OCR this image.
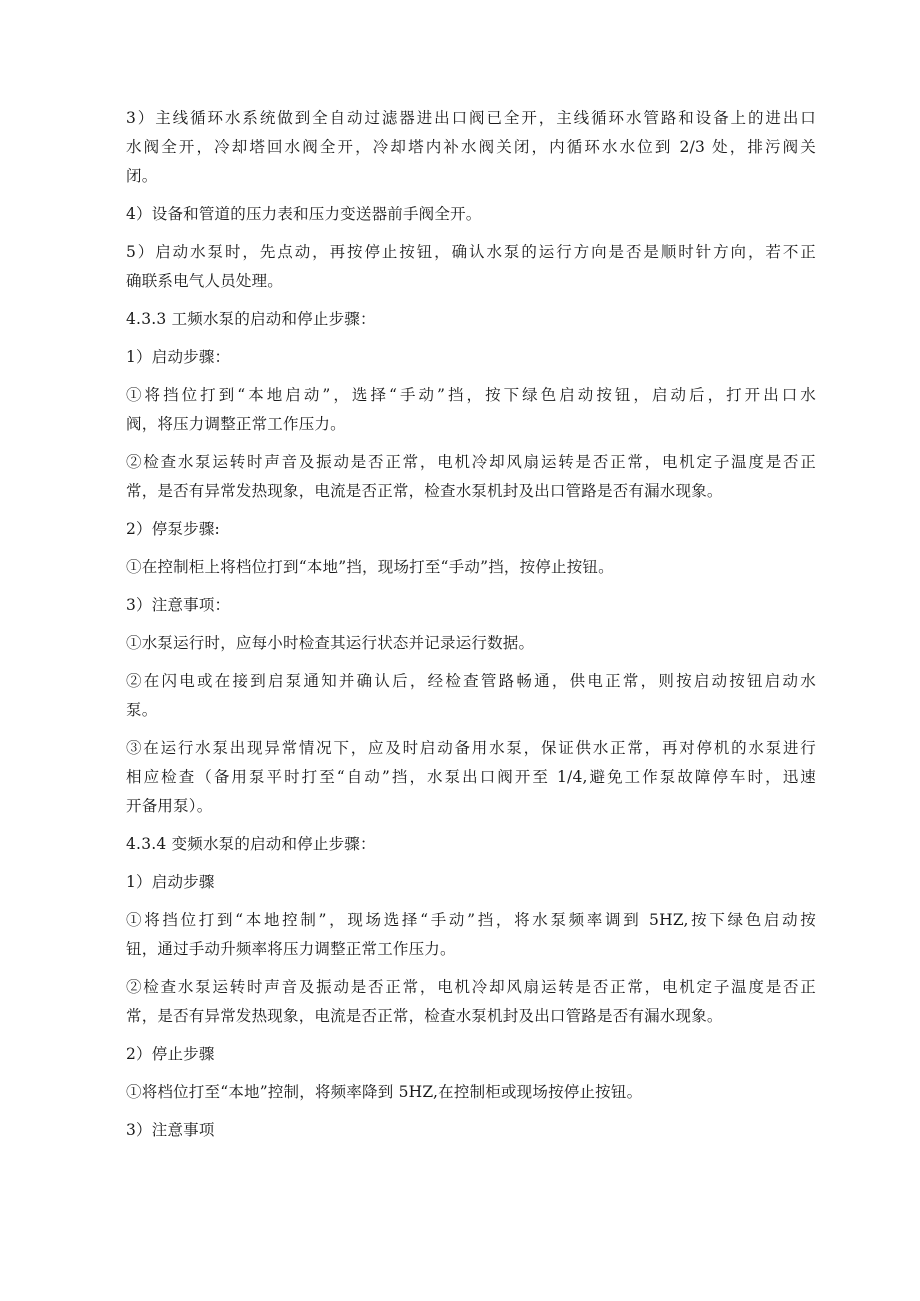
3）主线循环水系统做到全自动过滤器进出口阀已全开，主线循环水管路和设备上的进出口

水阀全开，冷却塔回水阀全开，冷却塔内补水阀关闭，内循环水水位到 2/3 处，排污阀关

闭。

4）设备和管道的压力表和压力变送器前手阀全开。

5）启动水泵时，先点动，再按停止按钮，确认水泵的运行方向是否是顺时针方向，若不正

确联系电气人员处理。

4.3.3 工频水泵的启动和停止步骤：

1）启动步骤：

①将挡位打到“本地启动”，选择“手动”挡，按下绿色启动按钮，启动后，打开出口水

阀，将压力调整正常工作压力。

②检查水泵运转时声音及振动是否正常，电机冷却风扇运转是否正常，电机定子温度是否正

常，是否有异常发热现象，电流是否正常，检查水泵机封及出口管路是否有漏水现象。

2）停泵步骤:

①在控制柜上将档位打到“本地”挡，现场打至“手动”挡，按停止按钮。

3）注意事项：

①水泵运行时，应每小时检查其运行状态并记录运行数据。

②在闪电或在接到启泵通知并确认后，经检查管路畅通，供电正常，则按启动按钮启动水

泵。

③在运行水泵出现异常情况下，应及时启动备用水泵，保证供水正常，再对停机的水泵进行

相应检查（备用泵平时打至“自动”挡，水泵出口阀开至 1/4,避免工作泵故障停车时，迅速

开备用泵）。

4.3.4 变频水泵的启动和停止步骤：

1）启动步骤

①将挡位打到“本地控制”，现场选择“手动”挡，将水泵频率调到 5HZ,按下绿色启动按

钮，通过手动升频率将压力调整正常工作压力。

②检查水泵运转时声音及振动是否正常，电机冷却风扇运转是否正常，电机定子温度是否正

常，是否有异常发热现象，电流是否正常，检查水泵机封及出口管路是否有漏水现象。

2）停止步骤

①将档位打至“本地”控制，将频率降到 5HZ,在控制柜或现场按停止按钮。

3）注意事项
